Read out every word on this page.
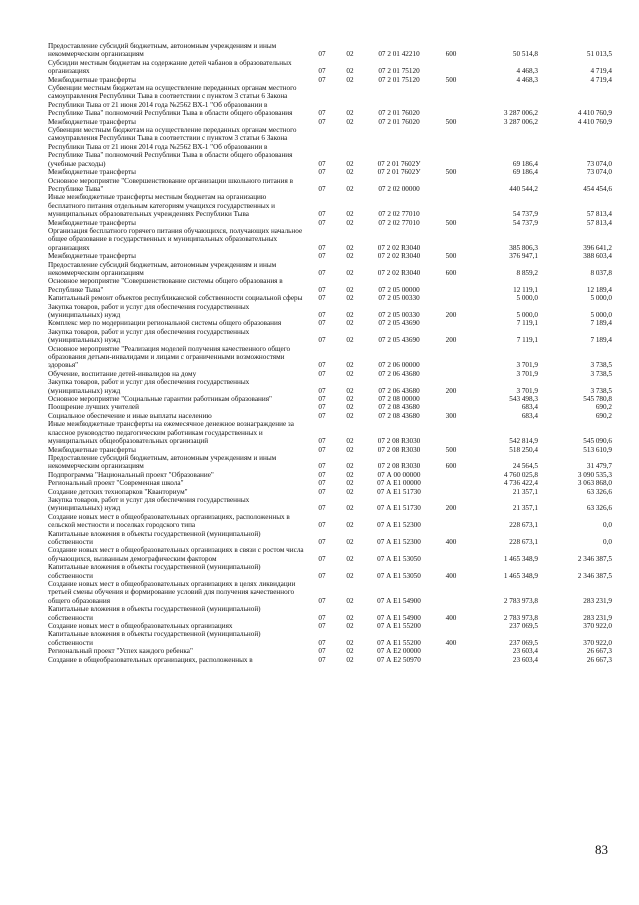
Предоставление субсидий бюджетным, автономным учреждениям и иным некоммерческим организациям	07	02	07 2 01 42210	600	50 514,8	51 013,5
Субсидии местным бюджетам на содержание детей чабанов в образовательных организациях	07	02	07 2 01 75120		4 468,3	4 719,4
Межбюджетные трансферты	07	02	07 2 01 75120	500	4 468,3	4 719,4
Субвенции местным бюджетам на осуществление переданных органам местного самоуправления Республики Тыва в соответствии с пунктом 3 статьи 6 Закона Республики Тыва от 21 июня 2014 года №2562 ВХ-1 "Об образовании в Республике Тыва" полномочий Республики Тыва в области общего образования	07	02	07 2 01 76020		3 287 006,2	4 410 760,9
Межбюджетные трансферты	07	02	07 2 01 76020	500	3 287 006,2	4 410 760,9
Субвенции местным бюджетам на осуществление переданных органам местного самоуправления Республики Тыва в соответствии с пунктом 3 статьи 6 Закона Республики Тыва от 21 июня 2014 года №2562 ВХ-1 "Об образовании в Республике Тыва" полномочий Республики Тыва в области общего образования (учебные расходы)	07	02	07 2 01 7602У		69 186,4	73 074,0
Межбюджетные трансферты	07	02	07 2 01 7602У	500	69 186,4	73 074,0
Основное мероприятие "Совершенствование организации школьного питания в Республике Тыва"	07	02	07 2 02 00000		440 544,2	454 454,6
Иные межбюджетные трансферты местным бюджетам на организацию бесплатного питания отдельным категориям учащихся государственных и муниципальных образовательных учреждениях Республики Тыва	07	02	07 2 02 77010		54 737,9	57 813,4
Межбюджетные трансферты	07	02	07 2 02 77010	500	54 737,9	57 813,4
Организация бесплатного горячего питания обучающихся, получающих начальное общее образование в государственных и муниципальных образовательных организациях	07	02	07 2 02 R3040		385 806,3	396 641,2
Межбюджетные трансферты	07	02	07 2 02 R3040	500	376 947,1	388 603,4
Предоставление субсидий бюджетным, автономным учреждениям и иным некоммерческим организациям	07	02	07 2 02 R3040	600	8 859,2	8 037,8
Основное мероприятие "Совершенствование системы общего образования в Республике Тыва"	07	02	07 2 05 00000		12 119,1	12 189,4
Капитальный ремонт объектов республиканской собственности социальной сферы	07	02	07 2 05 00330		5 000,0	5 000,0
Закупка товаров, работ и услуг для обеспечения государственных (муниципальных) нужд	07	02	07 2 05 00330	200	5 000,0	5 000,0
Комплекс мер по модернизации региональной системы общего образования	07	02	07 2 05 43690		7 119,1	7 189,4
Закупка товаров, работ и услуг для обеспечения государственных (муниципальных) нужд	07	02	07 2 05 43690	200	7 119,1	7 189,4
Основное мероприятие "Реализация моделей получения качественного общего образования детьми-инвалидами и лицами с ограниченными возможностями здоровья"	07	02	07 2 06 00000		3 701,9	3 738,5
Обучение, воспитание детей-инвалидов на дому	07	02	07 2 06 43680		3 701,9	3 738,5
Закупка товаров, работ и услуг для обеспечения государственных (муниципальных) нужд	07	02	07 2 06 43680	200	3 701,9	3 738,5
Основное мероприятие "Социальные гарантии работникам образования"	07	02	07 2 08 00000		543 498,3	545 780,8
Поощрение лучших учителей	07	02	07 2 08 43680		683,4	690,2
Социальное обеспечение и иные выплаты населению	07	02	07 2 08 43680	300	683,4	690,2
Иные межбюджетные трансферты на ежемесячное денежное вознаграждение за классное руководство педагогическим работникам государственных и муниципальных общеобразовательных организаций	07	02	07 2 08 R3030		542 814,9	545 090,6
Межбюджетные трансферты	07	02	07 2 08 R3030	500	518 250,4	513 610,9
Предоставление субсидий бюджетным, автономным учреждениям и иным некоммерческим организациям	07	02	07 2 08 R3030	600	24 564,5	31 479,7
Подпрограмма "Национальный проект "Образование"	07	02	07 А 00 00000		4 760 025,8	3 090 535,3
Региональный проект "Современная школа"	07	02	07 А Е1 00000		4 736 422,4	3 063 868,0
Создание детских технопарков "Кванториум"	07	02	07 А Е1 51730		21 357,1	63 326,6
Закупка товаров, работ и услуг для обеспечения государственных (муниципальных) нужд	07	02	07 А Е1 51730	200	21 357,1	63 326,6
Создание новых мест в общеобразовательных организациях, расположенных в сельской местности и поселках городского типа	07	02	07 А Е1 52300		228 673,1	0,0
Капитальные вложения в объекты государственной (муниципальной) собственности	07	02	07 А Е1 52300	400	228 673,1	0,0
Создание новых мест в общеобразовательных организациях в связи с ростом числа обучающихся, вызванным демографическим фактором	07	02	07 А Е1 53050		1 465 348,9	2 346 387,5
Капитальные вложения в объекты государственной (муниципальной) собственности	07	02	07 А Е1 53050	400	1 465 348,9	2 346 387,5
Создание новых мест в общеобразовательных организациях в целях ликвидации третьей смены обучения и формирование условий для получения качественного общего образования	07	02	07 А Е1 54900		2 783 973,8	283 231,9
Капитальные вложения в объекты государственной (муниципальной) собственности	07	02	07 А Е1 54900	400	2 783 973,8	283 231,9
Создание новых мест в общеобразовательных организациях	07	02	07 А Е1 55200		237 069,5	370 922,0
Капитальные вложения в объекты государственной (муниципальной) собственности	07	02	07 А Е1 55200	400	237 069,5	370 922,0
Региональный проект "Успех каждого ребенка"	07	02	07 А Е2 00000		23 603,4	26 667,3
Создание в общеобразовательных организациях, расположенных в	07	02	07 А Е2 50970		23 603,4	26 667,3
83
